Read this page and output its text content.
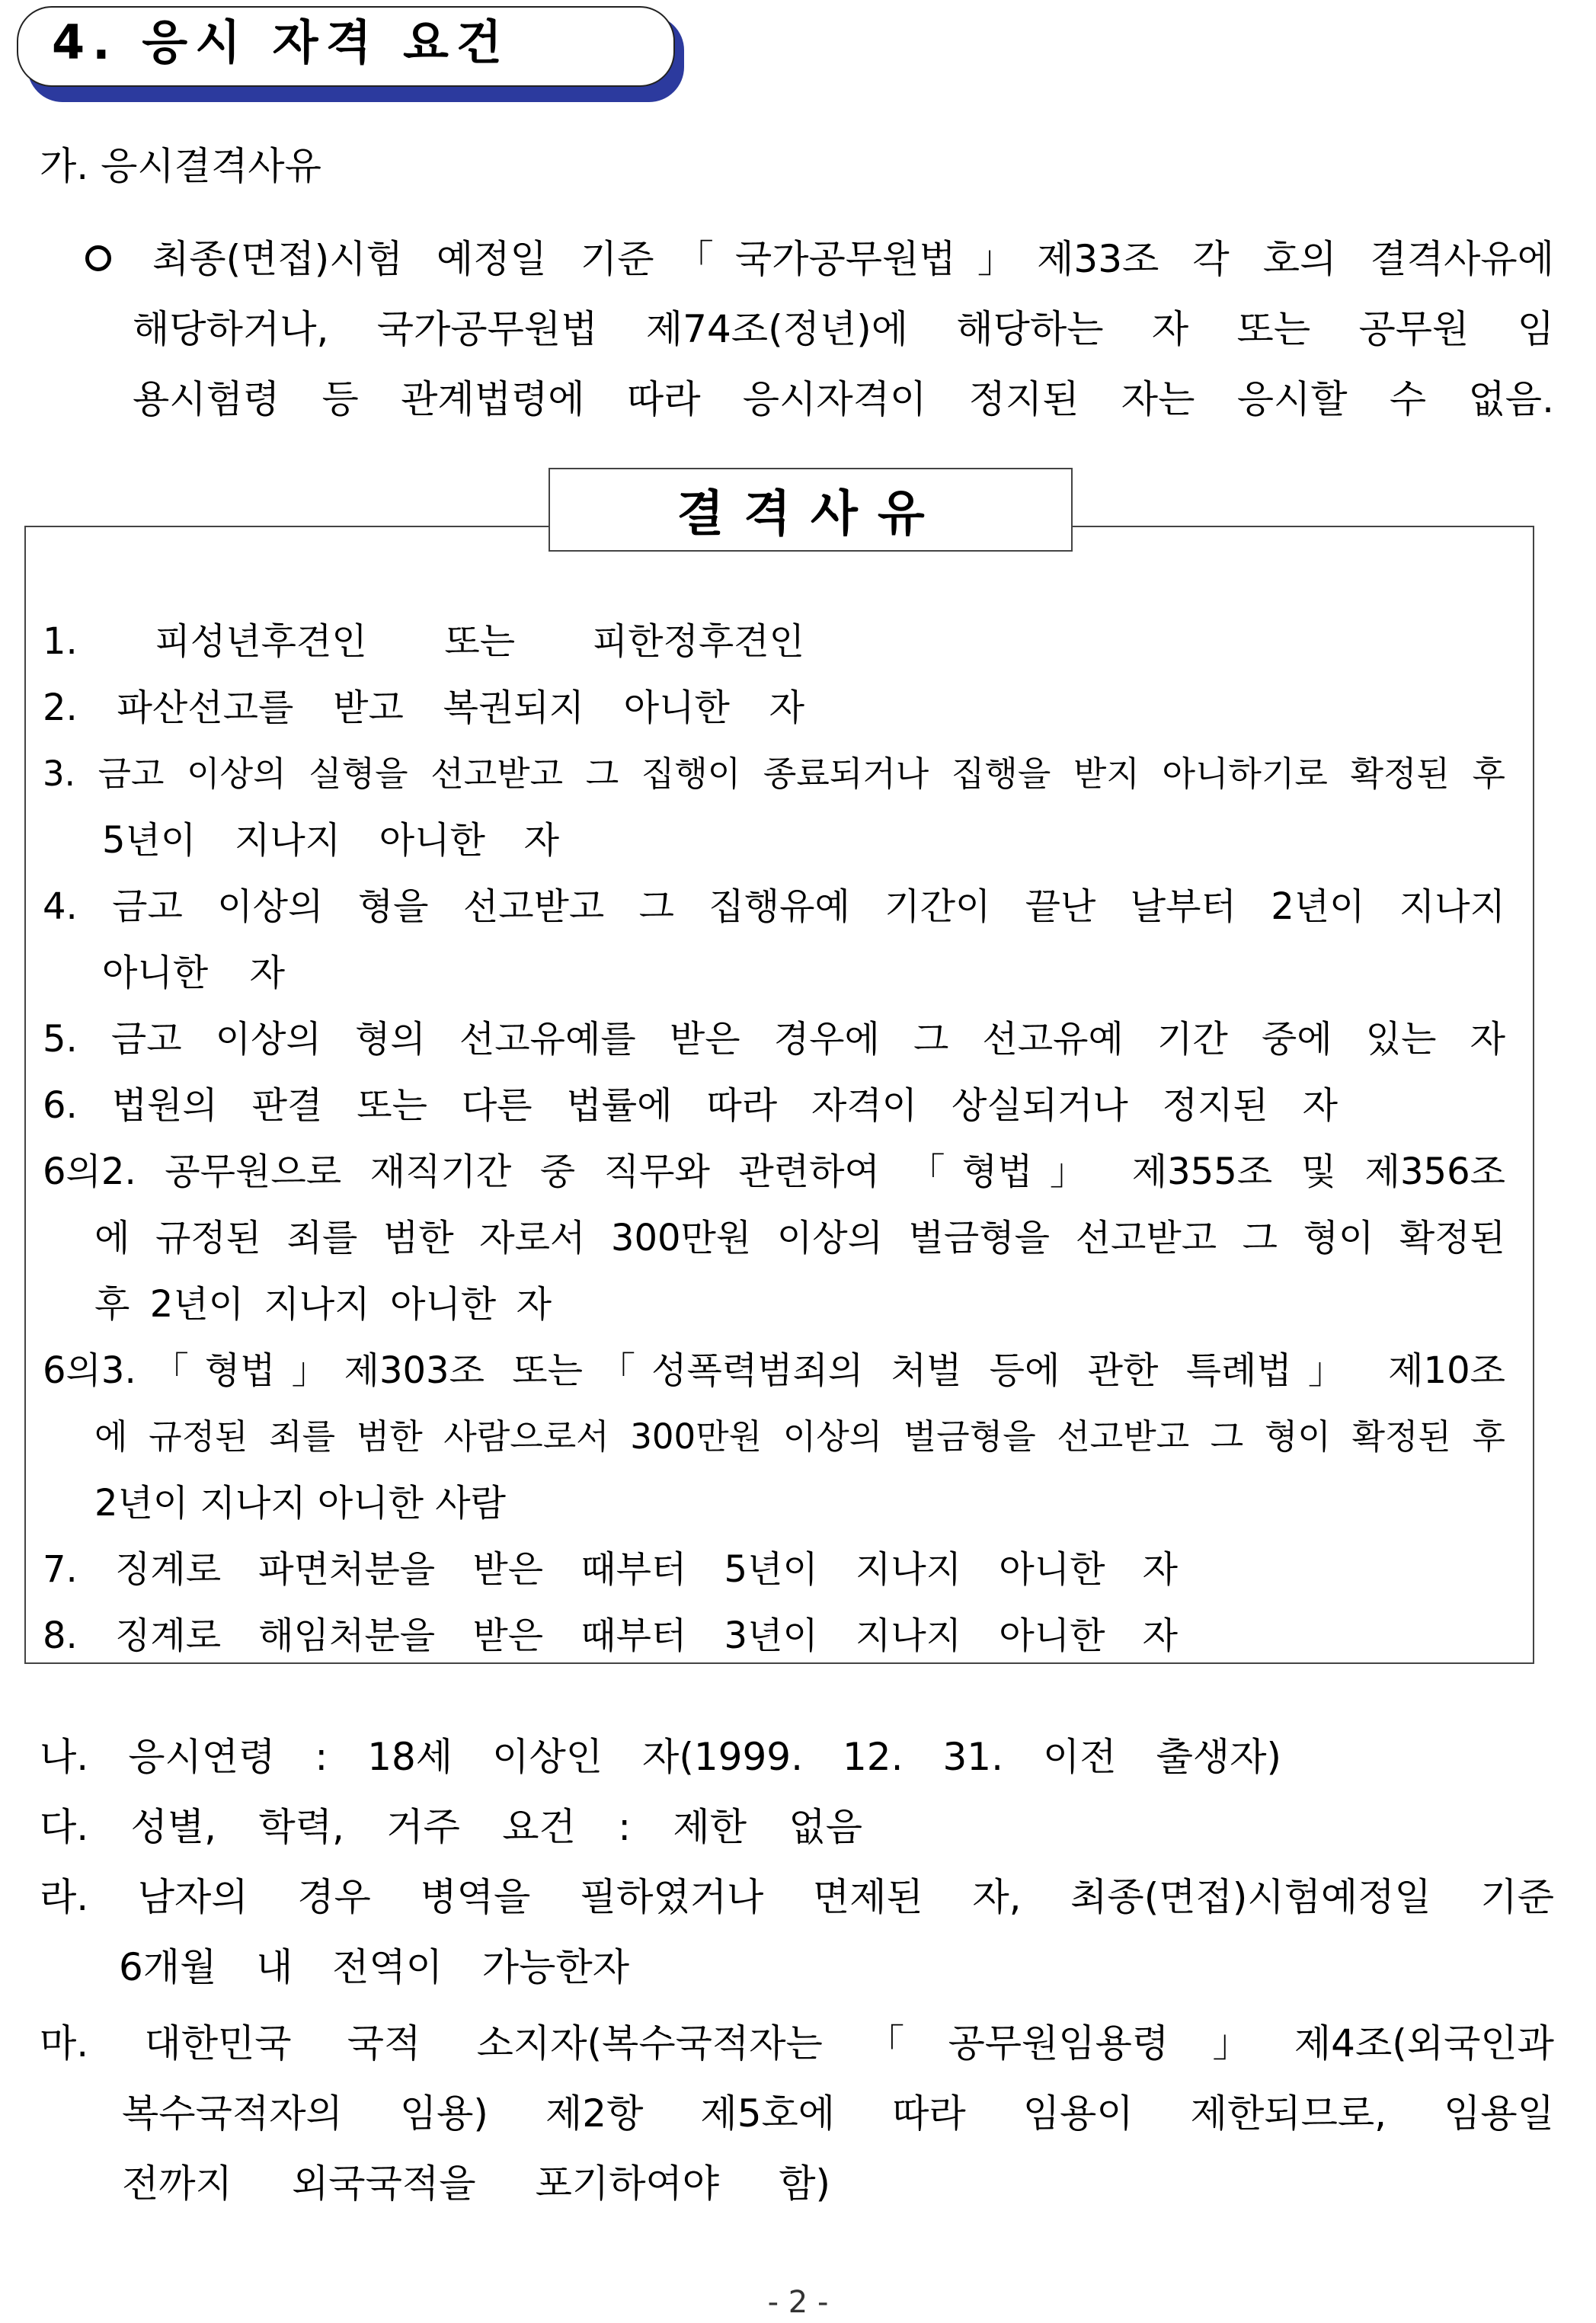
4. 응시 자격 요건
가. 응시결격사유
최종(면접)시험 예정일 기준「국가공무원법」제33조 각 호의 결격사유에
해당하거나, 국가공무원법 제74조(정년)에 해당하는 자 또는 공무원 임
용시험령 등 관계법령에 따라 응시자격이 정지된 자는 응시할 수 없음.
결격사유
1. 피성년후견인 또는 피한정후견인
2. 파산선고를 받고 복권되지 아니한 자
3. 금고 이상의 실형을 선고받고 그 집행이 종료되거나 집행을 받지 아니하기로 확정된 후
5년이 지나지 아니한 자
4. 금고 이상의 형을 선고받고 그 집행유예 기간이 끝난 날부터 2년이 지나지
아니한 자
5. 금고 이상의 형의 선고유예를 받은 경우에 그 선고유예 기간 중에 있는 자
6. 법원의 판결 또는 다른 법률에 따라 자격이 상실되거나 정지된 자
6의2. 공무원으로 재직기간 중 직무와 관련하여 「형법」 제355조 및 제356조
에 규정된 죄를 범한 자로서 300만원 이상의 벌금형을 선고받고 그 형이 확정된
후 2년이 지나지 아니한 자
6의3.「형법」제303조 또는「성폭력범죄의 처벌 등에 관한 특례법」 제10조
에 규정된 죄를 범한 사람으로서 300만원 이상의 벌금형을 선고받고 그 형이 확정된 후
2년이 지나지 아니한 사람
7. 징계로 파면처분을 받은 때부터 5년이 지나지 아니한 자
8. 징계로 해임처분을 받은 때부터 3년이 지나지 아니한 자
나. 응시연령 : 18세 이상인 자(1999. 12. 31. 이전 출생자)
다. 성별, 학력, 거주 요건 : 제한 없음
라. 남자의 경우 병역을 필하였거나 면제된 자, 최종(면접)시험예정일 기준
6개월 내 전역이 가능한자
마. 대한민국 국적 소지자(복수국적자는「공무원임용령」제4조(외국인과
복수국적자의 임용) 제2항 제5호에 따라 임용이 제한되므로, 임용일
전까지 외국국적을 포기하여야 함)
- 2 -
